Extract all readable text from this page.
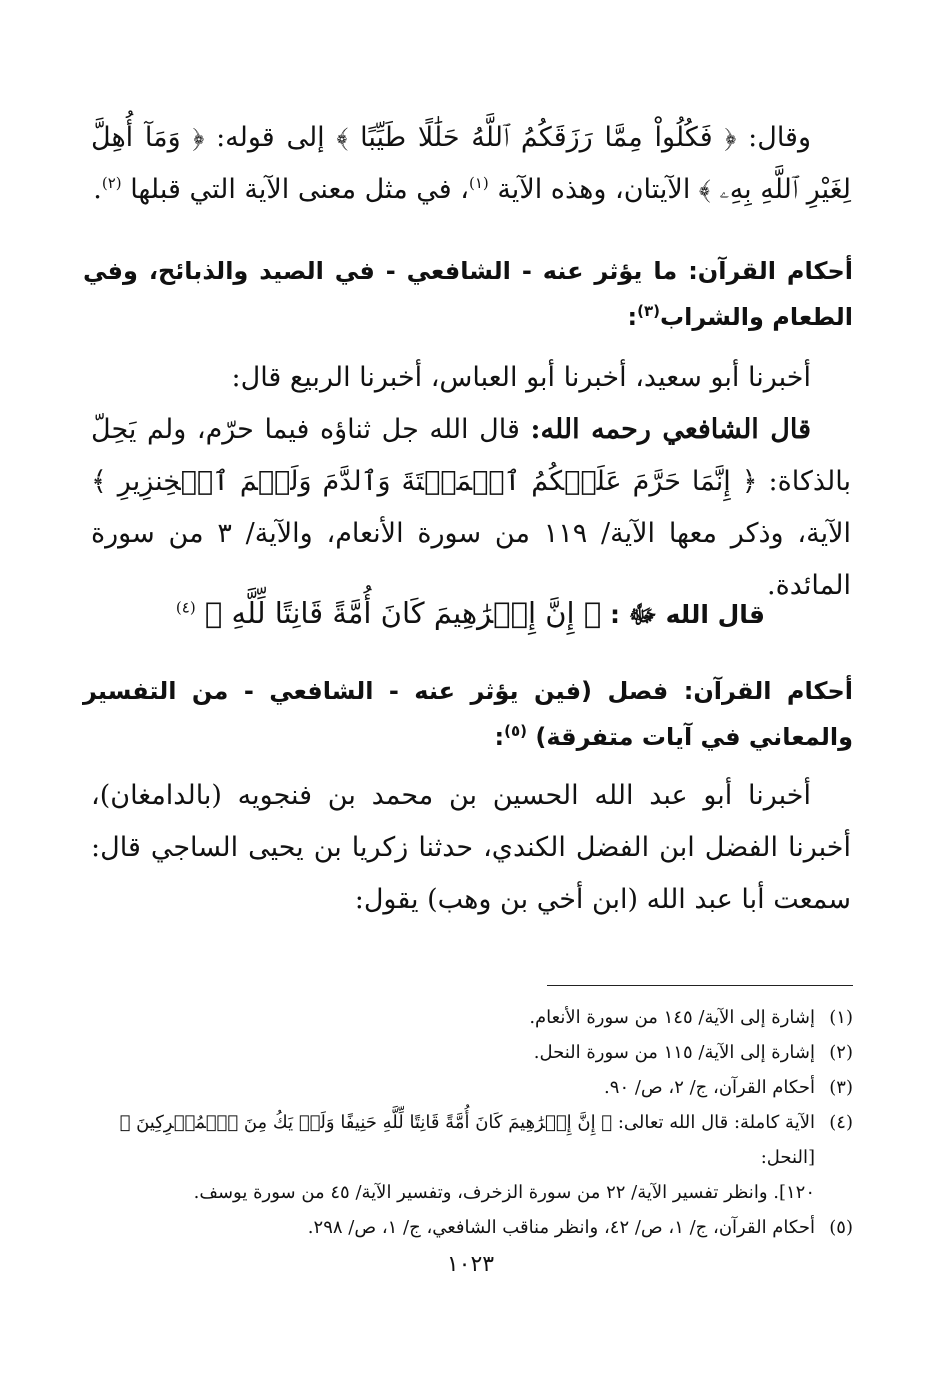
وقال: ﴿ فَكُلُواْ مِمَّا رَزَقَكُمُ ٱللَّهُ حَلَٰلًا طَيِّبًا ﴾ إلى قوله: ﴿ وَمَآ أُهِلَّ لِغَيْرِ ٱللَّهِ بِهِۦ ﴾ الآيتان، وهذه الآية $^{(١)}$، في مثل معنى الآية التي قبلها $^{(٢)}$.

أحكام القرآن: ما يؤثر عنه - الشافعي - في الصيد والذبائح، وفي الطعام والشراب$^{(٣)}$:

أخبرنا أبو سعيد، أخبرنا أبو العباس، أخبرنا الربيع قال:

قال الشافعي رحمه الله: قال الله جل ثناؤه فيما حرّم، ولم يَحِلّ بالذكاة: ﴿ إِنَّمَا حَرَّمَ عَلَيۡكُمُ ٱلۡمَيۡتَةَ وَٱلدَّمَ وَلَحۡمَ ٱلۡخِنزِيرِ ﴾ الآية، وذكر معها الآية/ ١١٩ من سورة الأنعام، والآية/ ٣ من سورة المائدة.

قال الله ﷻ : ﴿ إِنَّ إِبۡرَٰهِيمَ كَانَ أُمَّةً قَانِتًا لِّلَّهِ ﴾ $^{(٤)}$

أحكام القرآن: فصل (فين يؤثر عنه - الشافعي - من التفسير والمعاني في آيات متفرقة) $^{(٥)}$:

أخبرنا أبو عبد الله الحسين بن محمد بن فنجويه (بالدامغان)، أخبرنا الفضل ابن الفضل الكندي، حدثنا زكريا بن يحيى الساجي قال: سمعت أبا عبد الله (ابن أخي بن وهب) يقول:

(١)
إشارة إلى الآية/ ١٤٥ من سورة الأنعام.
(٢)
إشارة إلى الآية/ ١١٥ من سورة النحل.
(٣)
أحكام القرآن، ج/ ٢، ص/ ٩٠.
(٤)
الآية كاملة: قال الله تعالى: ﴿ إِنَّ إِبۡرَٰهِيمَ كَانَ أُمَّةً قَانِتًا لِّلَّهِ حَنِيفًا وَلَمۡ يَكُ مِنَ ٱلۡمُشۡرِكِينَ ﴾ [النحل:
١٢٠]. وانظر تفسير الآية/ ٢٢ من سورة الزخرف، وتفسير الآية/ ٤٥ من سورة يوسف.
(٥)
أحكام القرآن، ج/ ١، ص/ ٤٢، وانظر مناقب الشافعي، ج/ ١، ص/ ٢٩٨.
١٠٢٣
